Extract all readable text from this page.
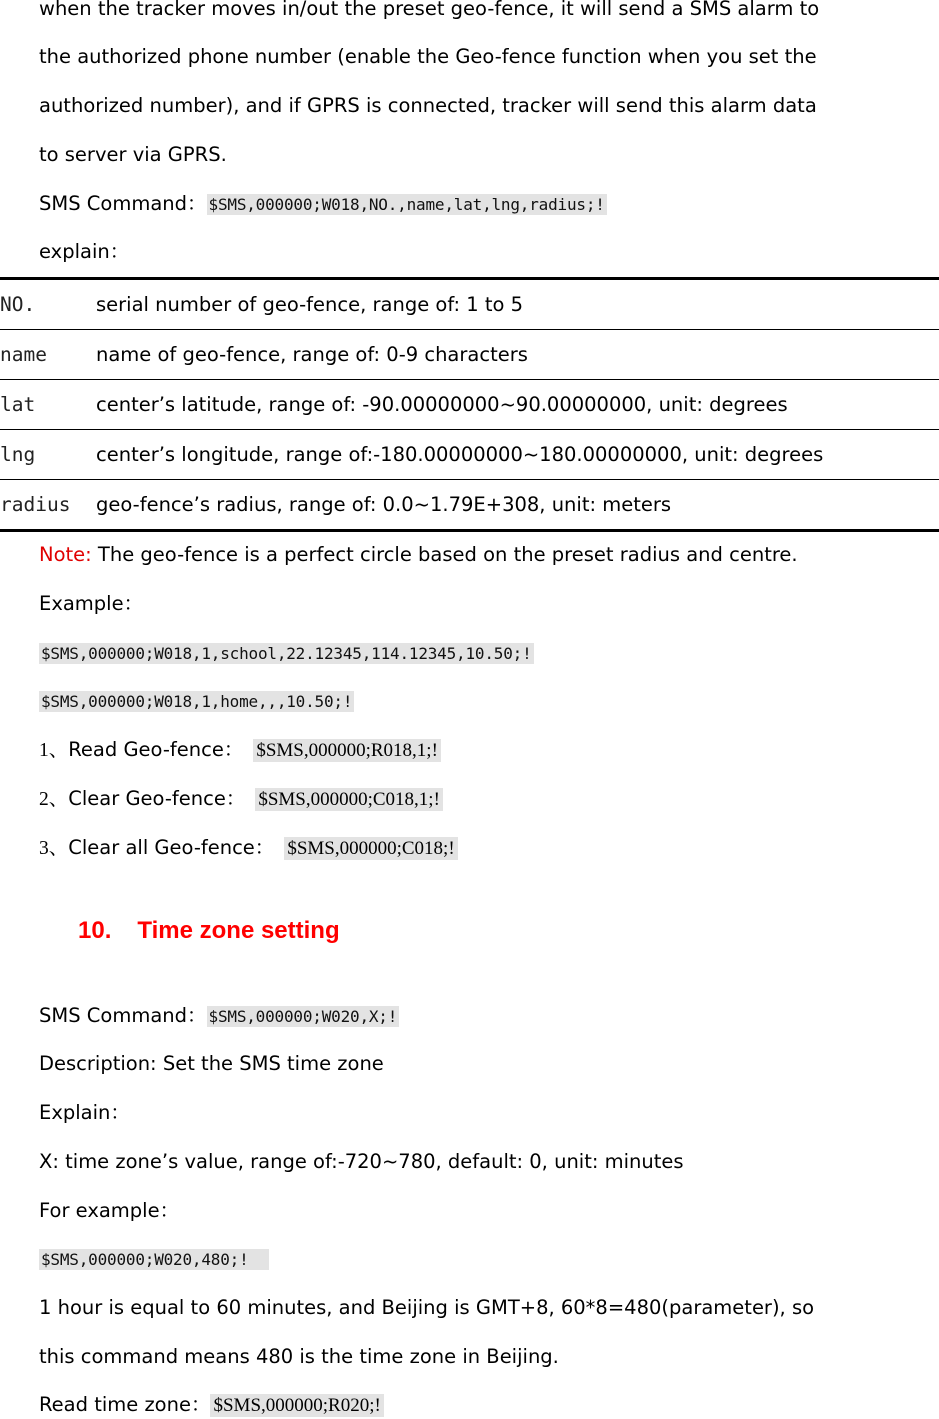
when the tracker moves in/out the preset geo-fence, it will send a SMS alarm to
the authorized phone number (enable the Geo-fence function when you set the
authorized number), and if GPRS is connected, tracker will send this alarm data
to server via GPRS.
SMS Command： $SMS,000000;W018,NO.,name,lat,lng,radius;!
explain：
NO.	serial number of geo-fence, range of: 1 to 5
name	name of geo-fence, range of: 0-9 characters
lat	center’s latitude, range of: -90.00000000~90.00000000, unit: degrees
lng	center’s longitude, range of:-180.00000000~180.00000000, unit: degrees
radius	geo-fence’s radius, range of: 0.0~1.79E+308, unit: meters
Note: The geo-fence is a perfect circle based on the preset radius and centre.
Example：
$SMS,000000;W018,1,school,22.12345,114.12345,10.50;!
$SMS,000000;W018,1,home,,,10.50;!
1、Read Geo-fence： $SMS,000000;R018,1;!
2、Clear Geo-fence： $SMS,000000;C018,1;!
3、Clear all Geo-fence： $SMS,000000;C018;!
10. Time zone setting
SMS Command： $SMS,000000;W020,X;!
Description: Set the SMS time zone
Explain：
X: time zone’s value, range of:-720~780, default: 0, unit: minutes
For example：
$SMS,000000;W020,480;!
1 hour is equal to 60 minutes, and Beijing is GMT+8, 60*8=480(parameter), so
this command means 480 is the time zone in Beijing.
Read time zone： $SMS,000000;R020;!
